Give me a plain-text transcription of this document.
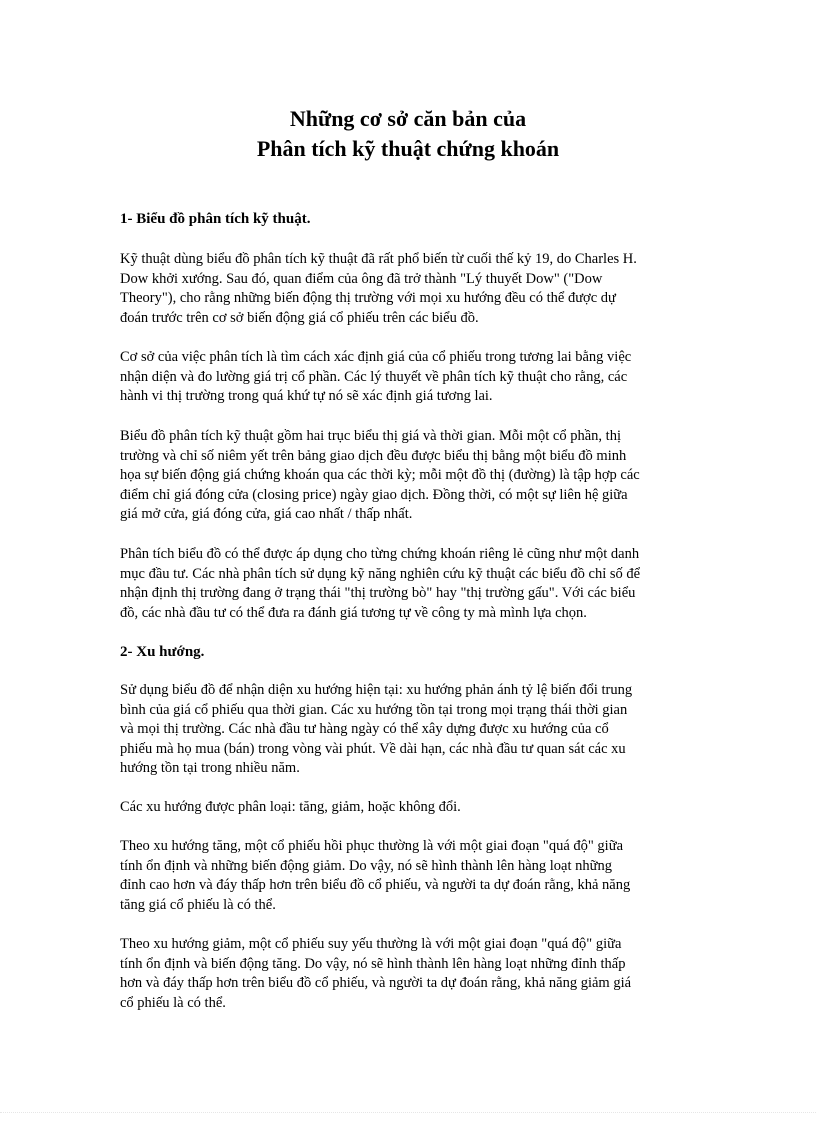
Những cơ sở căn bản của
Phân tích kỹ thuật chứng khoán
1- Biểu đồ phân tích kỹ thuật.
Kỹ thuật dùng biểu đồ phân tích kỹ thuật đã rất phổ biến từ cuối thế kỷ 19, do Charles H.
Dow khởi xướng. Sau đó, quan điểm của ông đã trở thành "Lý thuyết Dow" ("Dow
Theory"), cho rằng những biến động thị trường với mọi xu hướng đều có thể được dự
đoán trước trên cơ sở biến động giá cổ phiếu trên các biểu đồ.
Cơ sở của việc phân tích là tìm cách xác định giá của cổ phiếu trong tương lai bằng việc
nhận diện và đo lường giá trị cổ phần. Các lý thuyết về phân tích kỹ thuật cho rằng, các
hành vi thị trường trong quá khứ tự nó sẽ xác định giá tương lai.
Biểu đồ phân tích kỹ thuật gồm hai trục biểu thị giá và thời gian. Mỗi một cổ phần, thị
trường và chỉ số niêm yết trên bảng giao dịch đều được biểu thị bằng một biểu đồ minh
họa sự biến động giá chứng khoán qua các thời kỳ; mỗi một đồ thị (đường) là tập hợp các
điểm chỉ giá đóng cửa (closing price) ngày giao dịch. Đồng thời, có một sự liên hệ giữa
giá mở cửa, giá đóng cửa, giá cao nhất / thấp nhất.
Phân tích biểu đồ có thể được áp dụng cho từng chứng khoán riêng lẻ cũng như một danh
mục đầu tư. Các nhà phân tích sử dụng kỹ năng nghiên cứu kỹ thuật các biểu đồ chỉ số để
nhận định thị trường đang ở trạng thái "thị trường bò" hay "thị trường gấu". Với các biểu
đồ, các nhà đầu tư có thể đưa ra đánh giá tương tự về công ty mà mình lựa chọn.
2- Xu hướng.
Sử dụng biểu đồ để nhận diện xu hướng hiện tại: xu hướng phản ánh tỷ lệ biến đổi trung
bình của giá cổ phiếu qua thời gian. Các xu hướng tồn tại trong mọi trạng thái thời gian
và mọi thị trường. Các nhà đầu tư hàng ngày có thể xây dựng được xu hướng của cổ
phiếu mà họ mua (bán) trong vòng vài phút. Về dài hạn, các nhà đầu tư quan sát các xu
hướng tồn tại trong nhiều năm.
Các xu hướng được phân loại: tăng, giảm, hoặc không đổi.
Theo xu hướng tăng, một cổ phiếu hồi phục thường là với một giai đoạn "quá độ" giữa
tính ổn định và những biến động giảm. Do vậy, nó sẽ hình thành lên hàng loạt những
đỉnh cao hơn và đáy thấp hơn trên biểu đồ cổ phiếu, và người ta dự đoán rằng, khả năng
tăng giá cổ phiếu là có thể.
Theo xu hướng giảm, một cổ phiếu suy yếu thường là với một giai đoạn "quá độ" giữa
tính ổn định và biến động tăng. Do vậy, nó sẽ hình thành lên hàng loạt những đỉnh thấp
hơn và đáy thấp hơn trên biểu đồ cổ phiếu, và người ta dự đoán rằng, khả năng giảm giá
cổ phiếu là có thể.
